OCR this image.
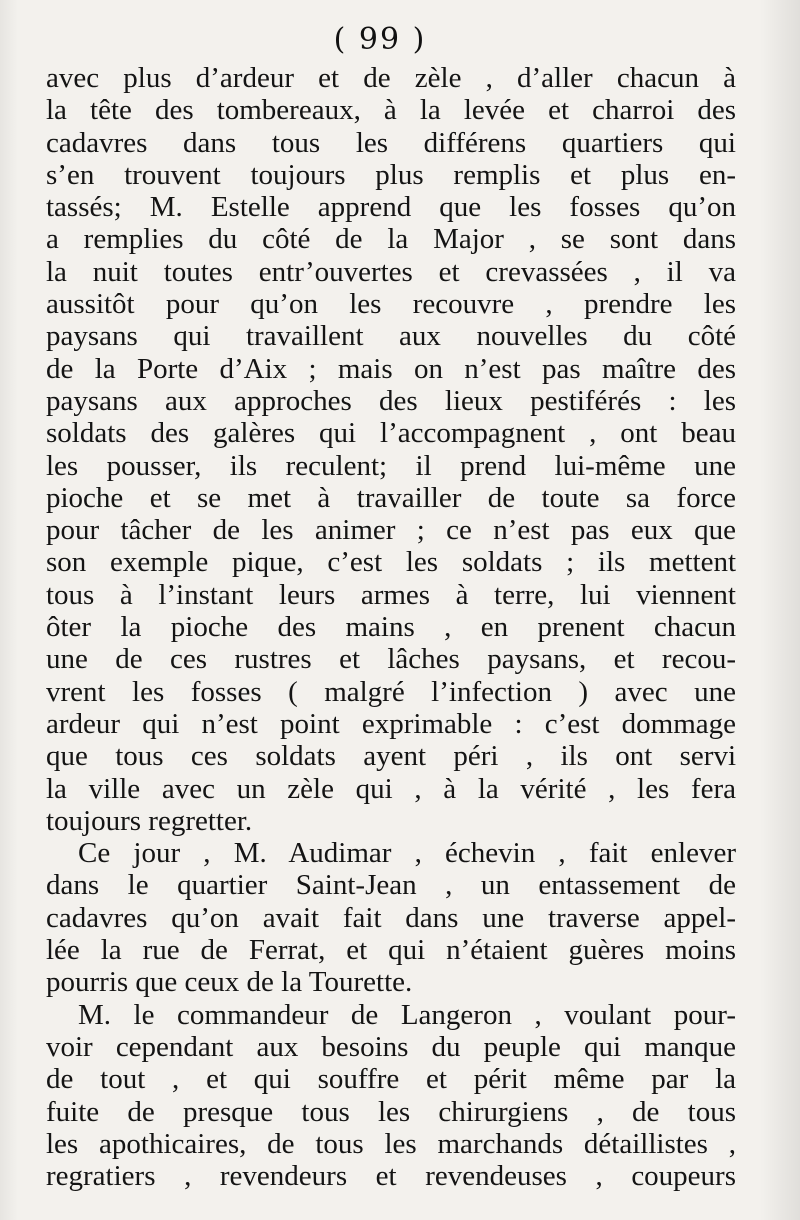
( 99 )
avec plus d’ardeur et de zèle , d’aller chacun à
la tête des tombereaux, à la levée et charroi des
cadavres dans tous les différens quartiers qui
s’en trouvent toujours plus remplis et plus en-
tassés; M. Estelle apprend que les fosses qu’on
a remplies du côté de la Major , se sont dans
la nuit toutes entr’ouvertes et crevassées , il va
aussitôt pour qu’on les recouvre , prendre les
paysans qui travaillent aux nouvelles du côté
de la Porte d’Aix ; mais on n’est pas maître des
paysans aux approches des lieux pestiférés : les
soldats des galères qui l’accompagnent , ont beau
les pousser, ils reculent; il prend lui-même une
pioche et se met à travailler de toute sa force
pour tâcher de les animer ; ce n’est pas eux que
son exemple pique, c’est les soldats ; ils mettent
tous à l’instant leurs armes à terre, lui viennent
ôter la pioche des mains , en prenent chacun
une de ces rustres et lâches paysans, et recou-
vrent les fosses ( malgré l’infection ) avec une
ardeur qui n’est point exprimable : c’est dommage
que tous ces soldats ayent péri , ils ont servi
la ville avec un zèle qui , à la vérité , les fera
toujours regretter.
Ce jour , M. Audimar , échevin , fait enlever
dans le quartier Saint-Jean , un entassement de
cadavres qu’on avait fait dans une traverse appel-
lée la rue de Ferrat, et qui n’étaient guères moins
pourris que ceux de la Tourette.
M. le commandeur de Langeron , voulant pour-
voir cependant aux besoins du peuple qui manque
de tout , et qui souffre et périt même par la
fuite de presque tous les chirurgiens , de tous
les apothicaires, de tous les marchands détaillistes ,
regratiers , revendeurs et revendeuses , coupeurs
